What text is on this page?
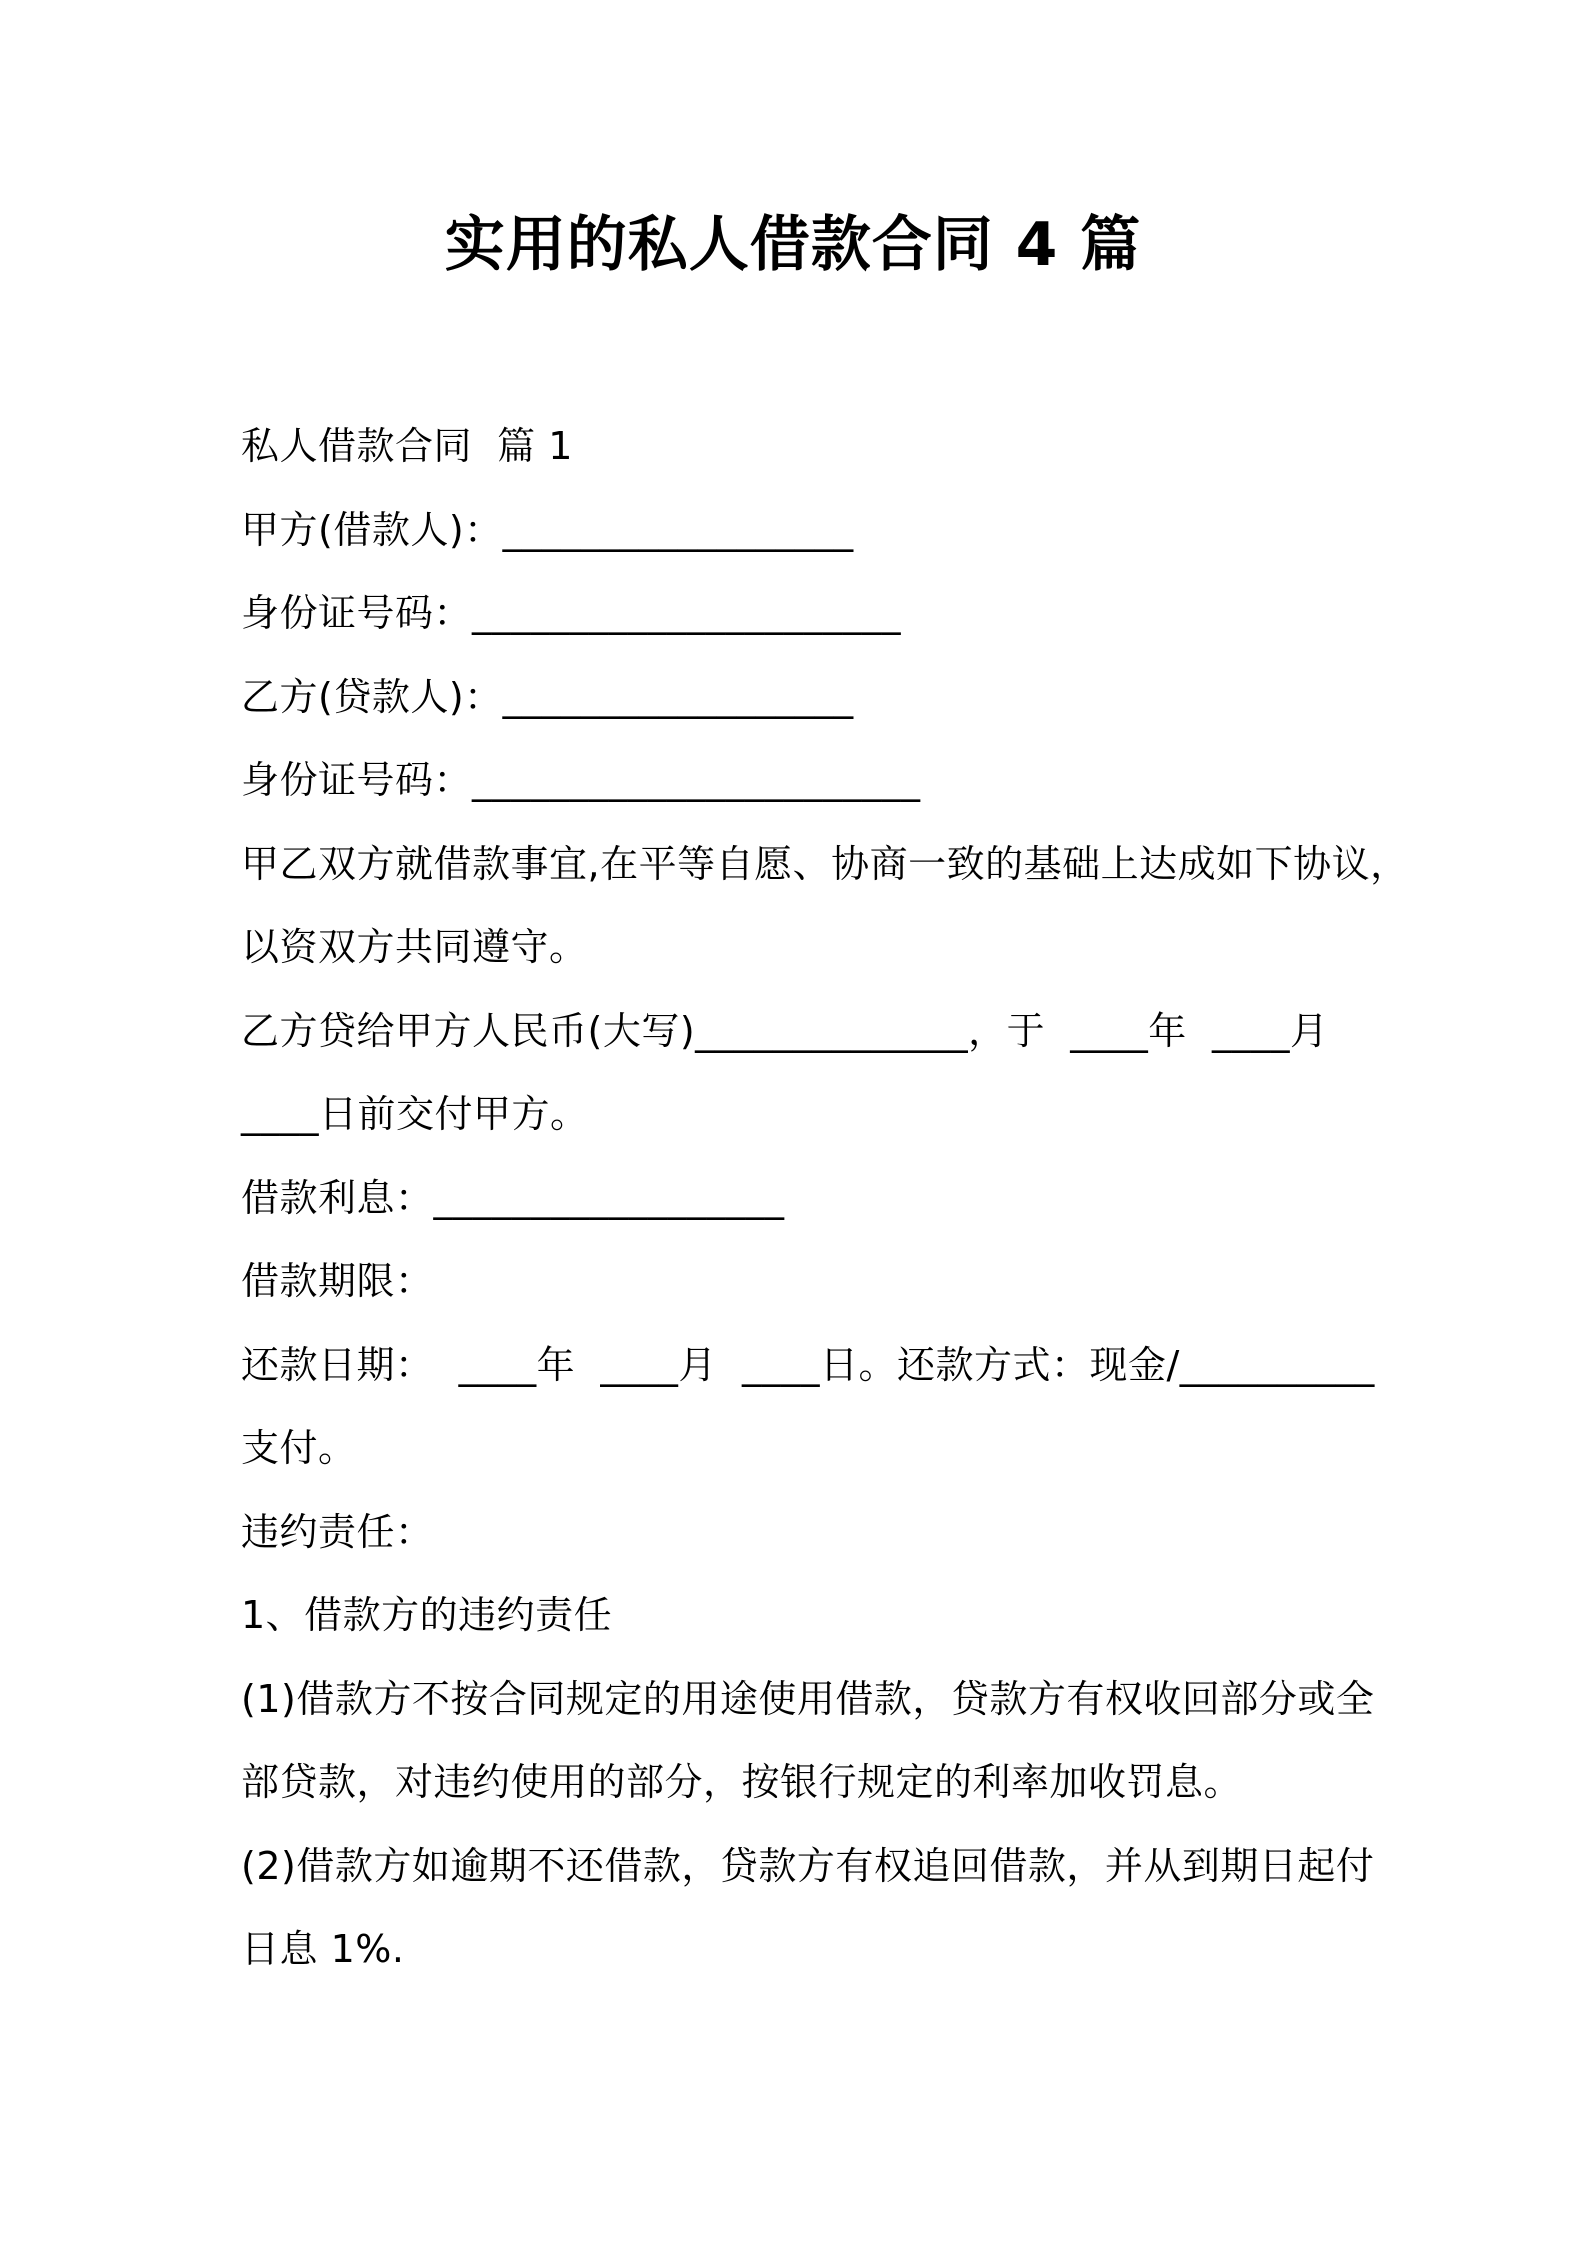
实用的私人借款合同 4 篇
私人借款合同  篇 1
甲方(借款人)：__________________
身份证号码：______________________
乙方(贷款人)：__________________
身份证号码：_______________________
甲乙双方就借款事宜,在平等自愿、协商一致的基础上达成如下协议，
以资双方共同遵守。
乙方贷给甲方人民币(大写)______________，于  ____年  ____月
____日前交付甲方。
借款利息：__________________
借款期限：
还款日期：  ____年  ____月  ____日。还款方式：现金/__________
支付。
违约责任：
1、借款方的违约责任
(1)借款方不按合同规定的用途使用借款，贷款方有权收回部分或全
部贷款，对违约使用的部分，按银行规定的利率加收罚息。
(2)借款方如逾期不还借款，贷款方有权追回借款，并从到期日起付
日息 1%.
